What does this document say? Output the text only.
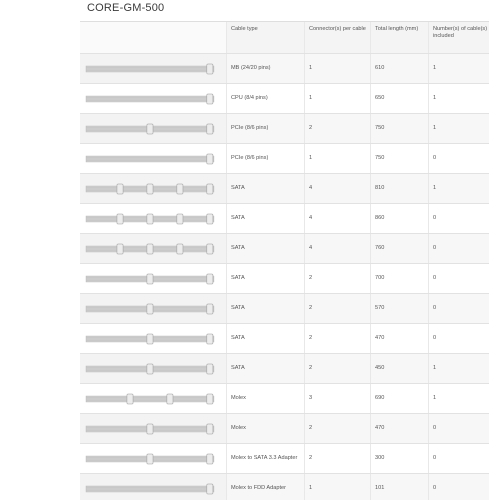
CORE-GM-500
Cable type	Connector(s) per cable	Total length (mm)	Number(s) of cable(s) included
MB (24/20 pins)	1	610	1
CPU (8/4 pins)	1	650	1
PCIe (8/6 pins)	2	750	1
PCIe (8/6 pins)	1	750	0
SATA	4	810	1
SATA	4	860	0
SATA	4	760	0
SATA	2	700	0
SATA	2	570	0
SATA	2	470	0
SATA	2	450	1
Molex	3	690	1
Molex	2	470	0
Molex to SATA 3.3 Adapter	2	300	0
Molex to FDD Adapter	1	101	0
